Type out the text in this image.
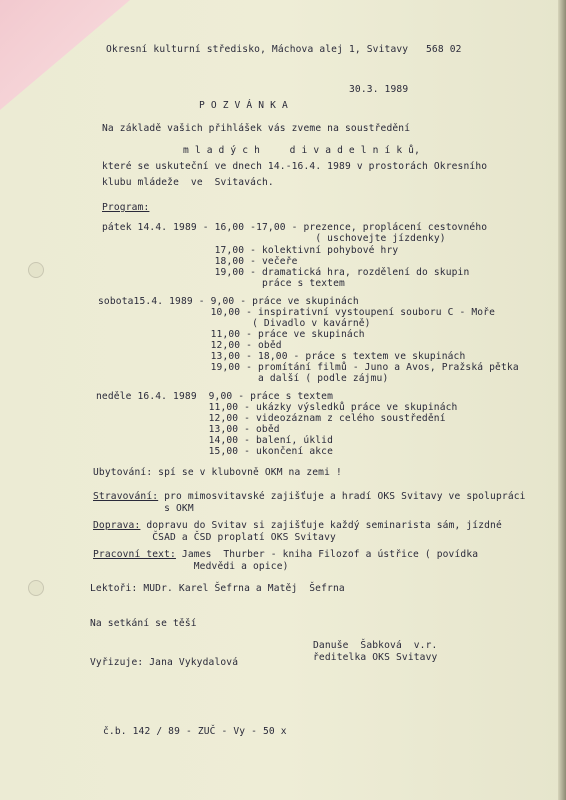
Okresní kulturní středisko, Máchova alej 1, Svitavy   568 02
30.3. 1989
P O Z V Á N K A
Na základě vašich přihlášek vás zveme na soustředění
m l a d ý c h     d i v a d e l n í k ů,
které se uskuteční ve dnech 14.-16.4. 1989 v prostorách Okresního
klubu mládeže  ve  Svitavách.
Program:
pátek 14.4. 1989 - 16,00 -17,00 - prezence, proplácení cestovného
( uschovejte jízdenky)
17,00 - kolektivní pohybové hry
18,00 - večeře
19,00 - dramatická hra, rozdělení do skupin
práce s textem
sobota15.4. 1989 - 9,00 - práce ve skupinách
10,00 - inspirativní vystoupení souboru C - Moře
( Divadlo v kavárně)
11,00 - práce ve skupinách
12,00 - oběd
13,00 - 18,00 - práce s textem ve skupinách
19,00 - promítání filmů - Juno a Avos, Pražská pětka
a další ( podle zájmu)
neděle 16.4. 1989  9,00 - práce s textem
11,00 - ukázky výsledků práce ve skupinách
12,00 - videozáznam z celého soustředění
13,00 - oběd
14,00 - balení, úklid
15,00 - ukončení akce
Ubytování: spí se v klubovně OKM na zemi !
Stravování: pro mimosvitavské zajišťuje a hradí OKS Svitavy ve spolupráci
s OKM
Doprava: dopravu do Svitav si zajišťuje každý seminarista sám, jízdné
ČSAD a ČSD proplatí OKS Svitavy
Pracovní text: James  Thurber - kniha Filozof a ústřice ( povídka
Medvědi a opice)
Lektoři: MUDr. Karel Šefrna a Matěj  Šefrna
Na setkání se těší
Danuše  Šabková  v.r.
ředitelka OKS Svitavy
Vyřizuje: Jana Vykydalová
č.b. 142 / 89 - ZUČ - Vy - 50 x
